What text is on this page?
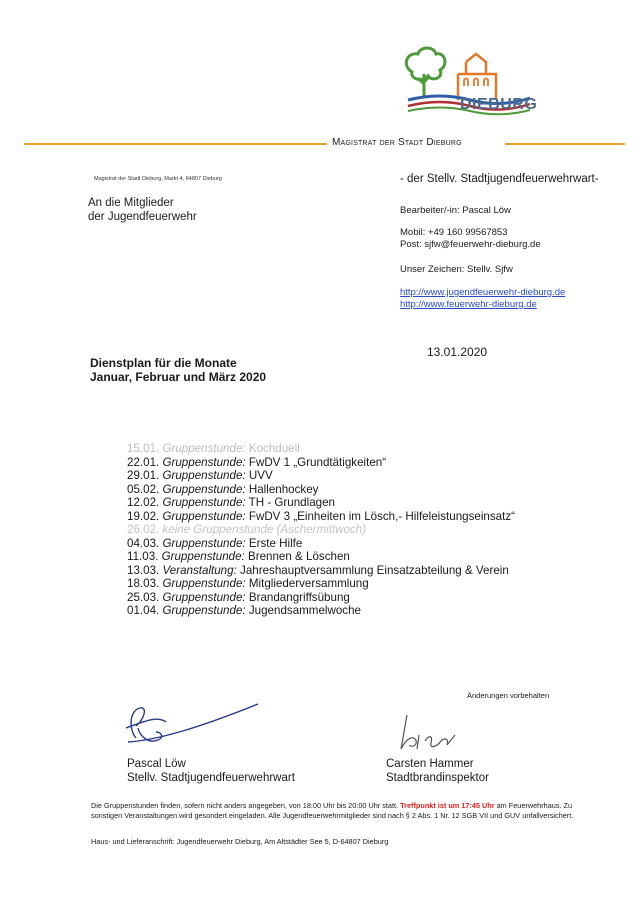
DIEBURG
Magistrat der Stadt Dieburg
Magistrat der Stadt Dieburg, Markt 4, 64807 Dieburg
An die Mitglieder
der Jugendfeuerwehr
- der Stellv. Stadtjugendfeuerwehrwart-
Bearbeiter/-in: Pascal Löw
Mobil: +49 160 99567853
Post: sjfw@feuerwehr-dieburg.de
Unser Zeichen: Stellv. Sjfw
http://www.jugendfeuerwehr-dieburg.de
http://www.feuerwehr-dieburg.de
13.01.2020
Dienstplan für die Monate
Januar, Februar und März 2020
15.01. Gruppenstunde: Kochduell
22.01. Gruppenstunde: FwDV 1 „Grundtätigkeiten“
29.01. Gruppenstunde: UVV
05.02. Gruppenstunde: Hallenhockey
12.02. Gruppenstunde: TH - Grundlagen
19.02. Gruppenstunde: FwDV 3 „Einheiten im Lösch,- Hilfeleistungseinsatz“
26.02. keine Gruppenstunde (Aschermittwoch)
04.03. Gruppenstunde: Erste Hilfe
11.03. Gruppenstunde: Brennen & Löschen
13.03. Veranstaltung: Jahreshauptversammlung Einsatzabteilung & Verein
18.03. Gruppenstunde: Mitgliederversammlung
25.03. Gruppenstunde: Brandangriffsübung
01.04. Gruppenstunde: Jugendsammelwoche
Änderungen vorbehalten
Pascal Löw
Stellv. Stadtjugendfeuerwehrwart
Carsten Hammer
Stadtbrandinspektor
Die Gruppenstunden finden, sofern nicht anders angegeben, von 18:00 Uhr bis 20:00 Uhr statt. Treffpunkt ist um 17:45 Uhr am Feuerwehrhaus. Zu sonstigen Veranstaltungen wird gesondert eingeladen. Alle Jugendfeuerwehrmitglieder sind nach § 2 Abs. 1 Nr. 12 SGB VII und GUV unfallversichert.
Haus- und Lieferanschrift: Jugendfeuerwehr Dieburg, Am Altstädter See 5, D-64807 Dieburg
